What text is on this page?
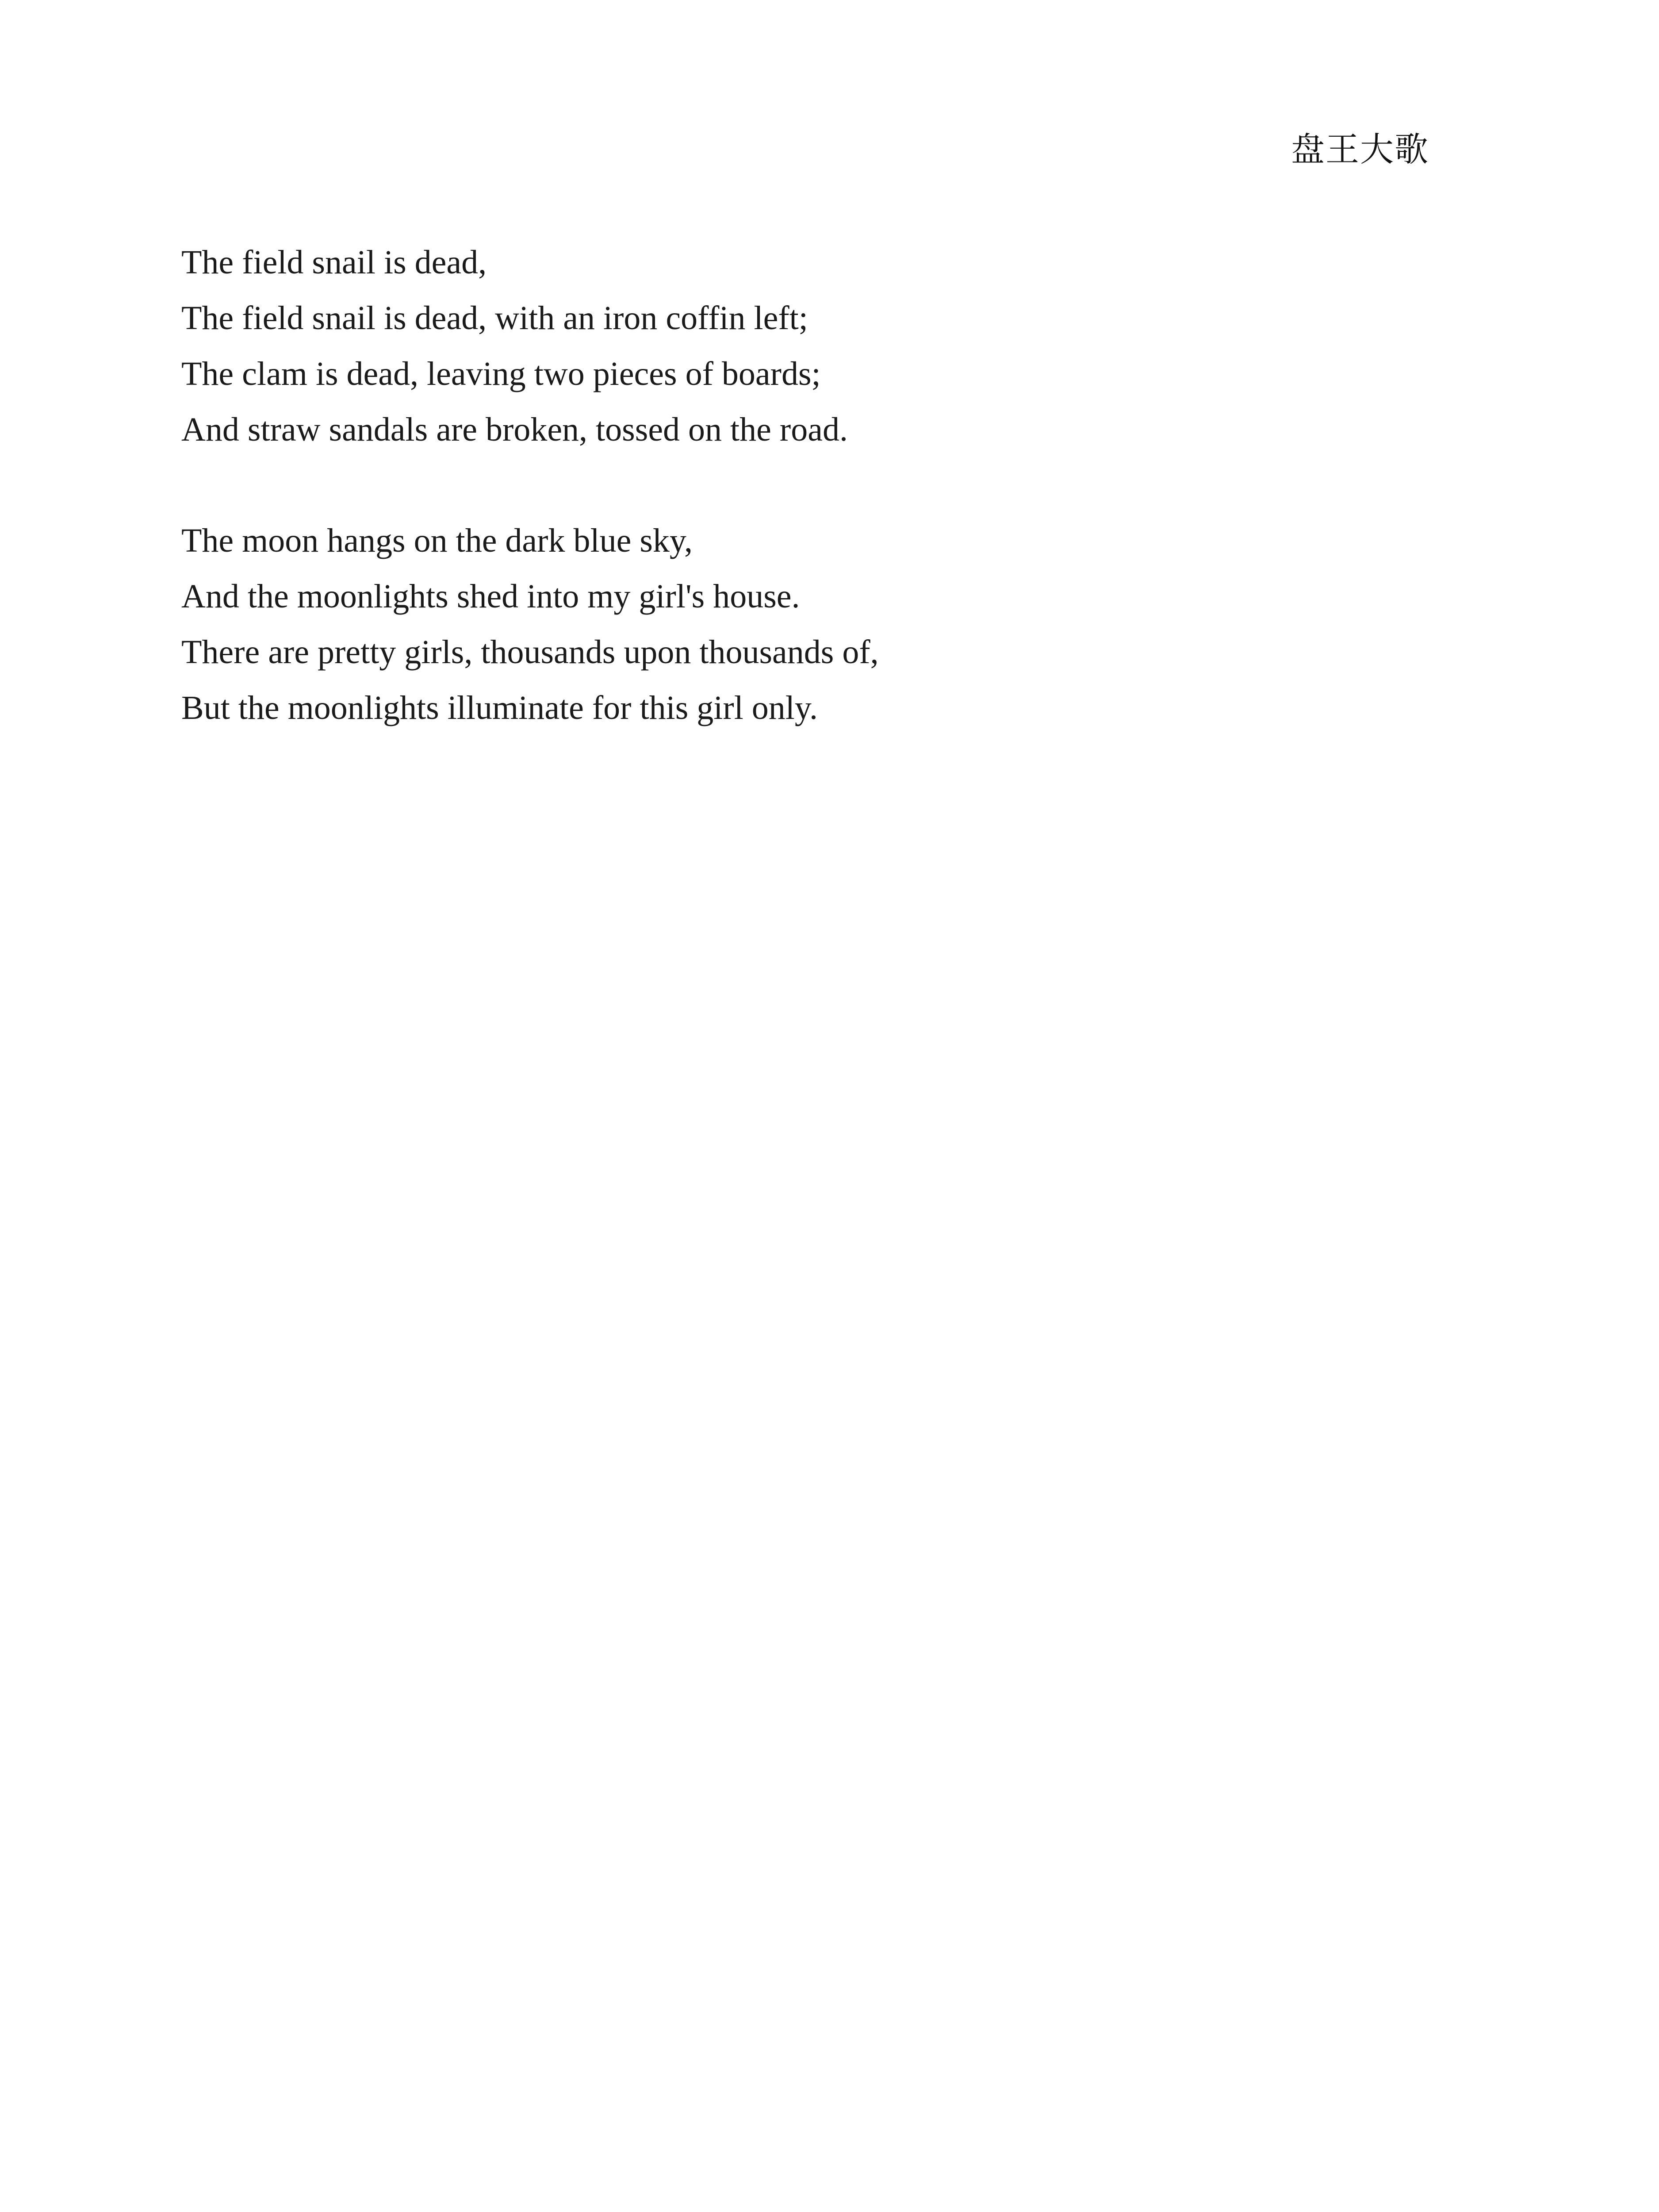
盘王大歌
The field snail is dead,
The field snail is dead, with an iron coffin left;
The clam is dead, leaving two pieces of boards;
And straw sandals are broken, tossed on the road.
The moon hangs on the dark blue sky,
And the moonlights shed into my girl's house.
There are pretty girls, thousands upon thousands of,
But the moonlights illuminate for this girl only.
